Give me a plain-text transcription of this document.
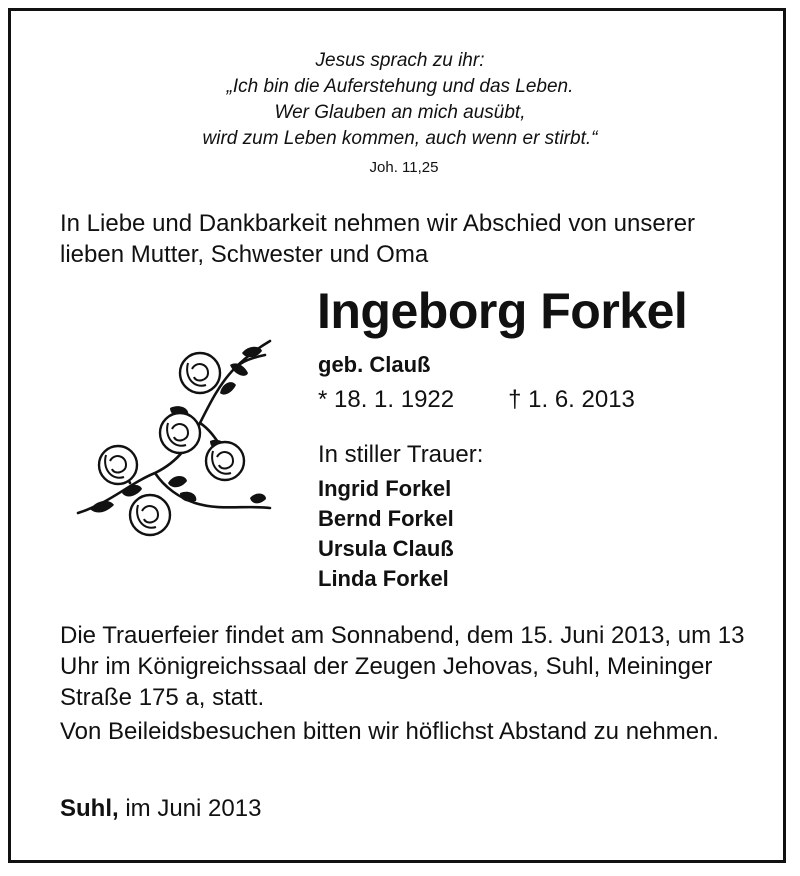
Jesus sprach zu ihr:
„Ich bin die Auferstehung und das Leben.
Wer Glauben an mich ausübt,
wird zum Leben kommen, auch wenn er stirbt.“
Joh. 11,25
In Liebe und Dankbarkeit nehmen wir Abschied von unserer lieben Mutter, Schwester und Oma
Ingeborg Forkel
geb. Clauß
* 18. 1. 1922 † 1. 6. 2013
In stiller Trauer:
Ingrid Forkel
Bernd Forkel
Ursula Clauß
Linda Forkel
Die Trauerfeier findet am Sonnabend, dem 15. Juni 2013, um 13 Uhr im Königreichssaal der Zeugen Jehovas, Suhl, Meininger Straße 175 a, statt.
Von Beileidsbesuchen bitten wir höflichst Abstand zu nehmen.
Suhl, im Juni 2013
